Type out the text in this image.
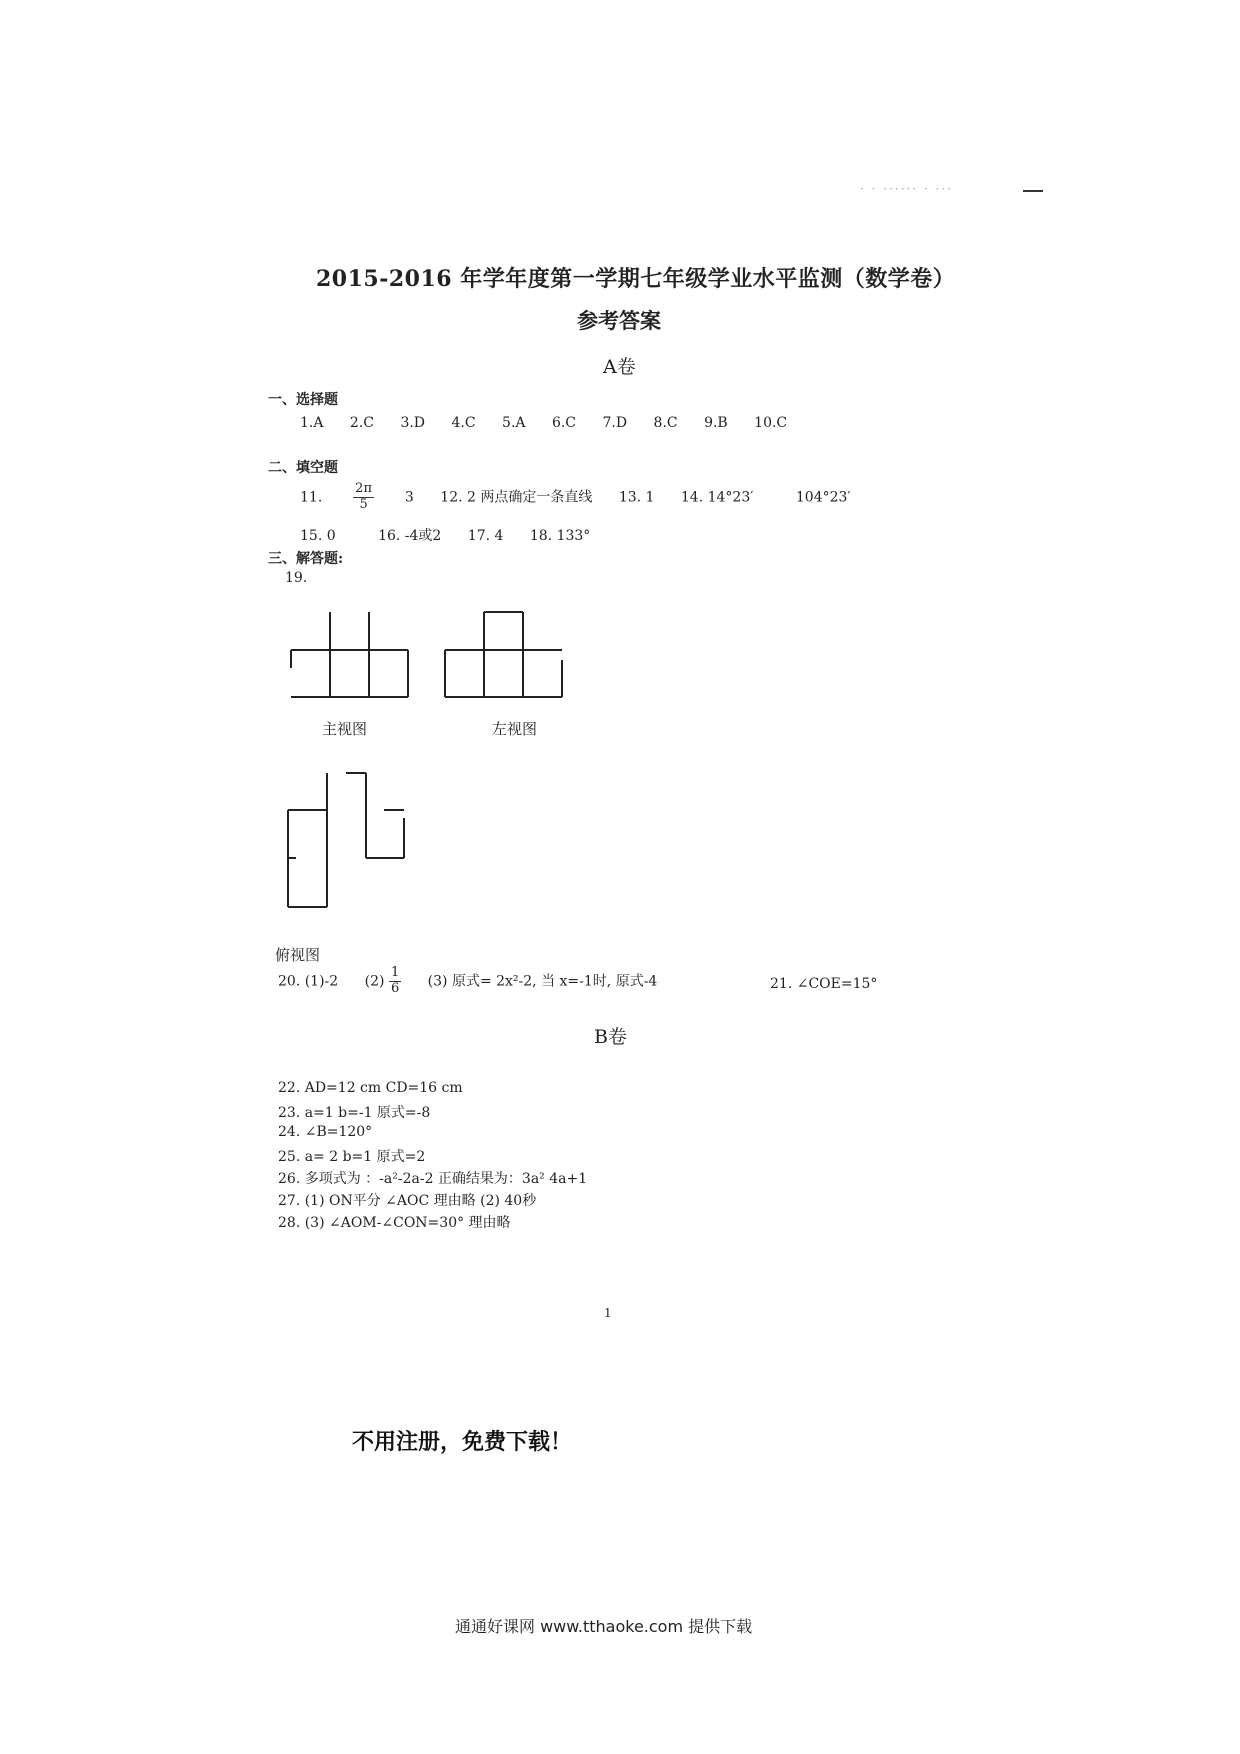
· · ······ · ···
2015-2016 年学年度第一学期七年级学业水平监测（数学卷）
参考答案
A卷
一、选择题
1.A 2.C 3.D 4.C 5.A 6.C 7.D 8.C 9.B 10.C
二、填空题
11. $\frac{2\pi}{5} 3$ 12. 2 两点确定一条直线 13. 1 14. 14°23′	104°23′
15. 0	16. -4或2 17. 4 18. 133°
三、解答题:
19.
主视图	左视图
俯视图
20. (1)-2 $(2) \frac{1}{6} (3)$ 原式= 2x²-2, 当 x=-1时, 原式-4	21. ∠COE=15°
B卷
22. AD=12 cm CD=16 cm
23. a=1 b=-1 原式=-8
24. ∠B=120°
25. a= 2 b=1 原式=2
26. 多项式为 ：-a²-2a-2 正确结果为：3a² 4a+1
27. (1) ON平分 ∠AOC 理由略 (2) 40秒
28. (3) ∠AOM-∠CON=30° 理由略
1
不用注册，免费下载！
通通好课网 www.tthaoke.com 提供下载
